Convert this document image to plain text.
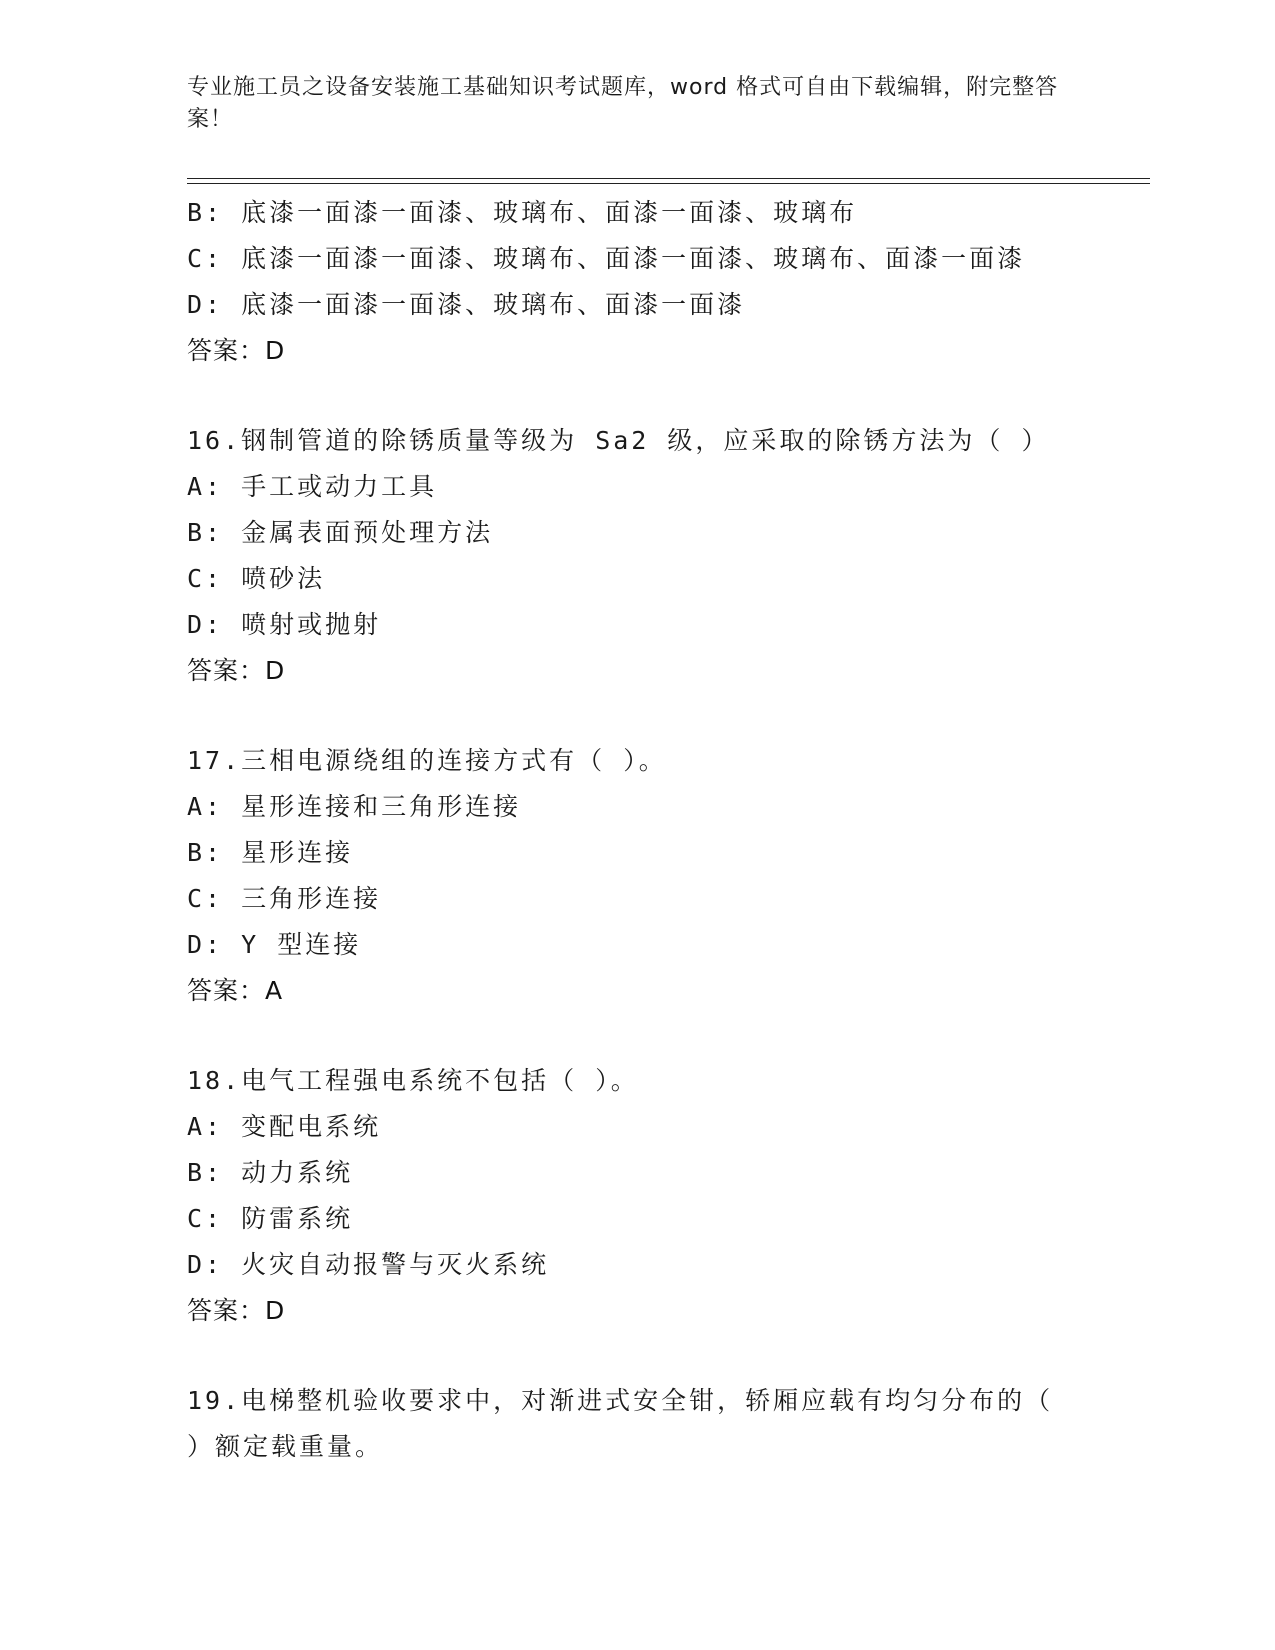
专业施工员之设备安装施工基础知识考试题库，word 格式可自由下载编辑，附完整答案！
B: 底漆一面漆一面漆、玻璃布、面漆一面漆、玻璃布
C: 底漆一面漆一面漆、玻璃布、面漆一面漆、玻璃布、面漆一面漆
D: 底漆一面漆一面漆、玻璃布、面漆一面漆
答案：D
16.钢制管道的除锈质量等级为 Sa2 级，应采取的除锈方法为（ ）
A: 手工或动力工具
B: 金属表面预处理方法
C: 喷砂法
D: 喷射或抛射
答案：D
17.三相电源绕组的连接方式有（ ）。
A: 星形连接和三角形连接
B: 星形连接
C: 三角形连接
D: Y 型连接
答案：A
18.电气工程强电系统不包括（ ）。
A: 变配电系统
B: 动力系统
C: 防雷系统
D: 火灾自动报警与灭火系统
答案：D
19.电梯整机验收要求中，对渐进式安全钳，轿厢应载有均匀分布的（ ）额定载重量。
